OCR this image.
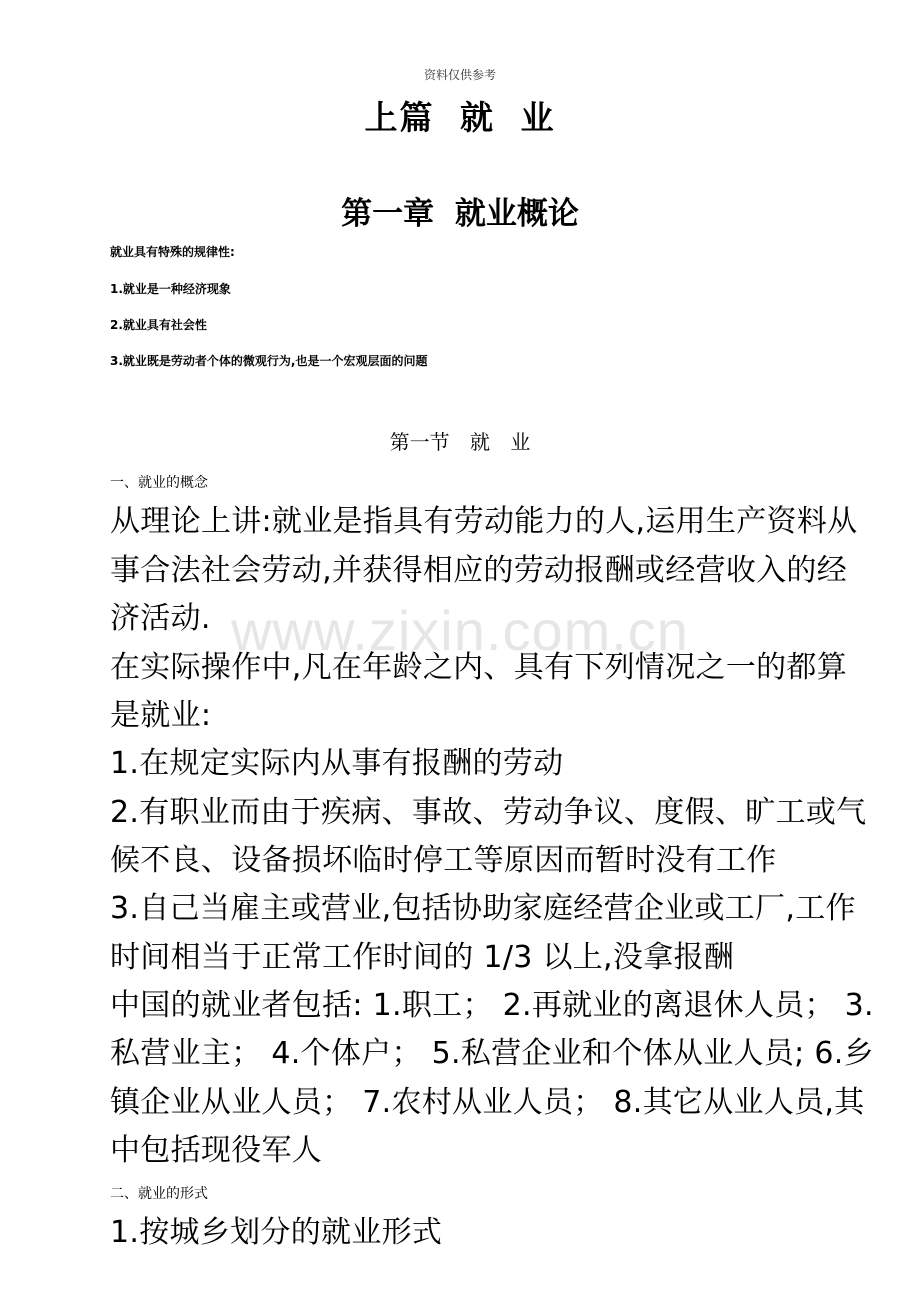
www.zixin.com.cn
资料仅供参考
上篇 就 业
第一章 就业概论
就业具有特殊的规律性:
1.就业是一种经济现象
2.就业具有社会性
3.就业既是劳动者个体的微观行为,也是一个宏观层面的问题
第一节 就 业
一、就业的概念
从理论上讲:就业是指具有劳动能力的人,运用生产资料从
事合法社会劳动,并获得相应的劳动报酬或经营收入的经
济活动.
在实际操作中,凡在年龄之内、具有下列情况之一的都算
是就业:
1.在规定实际内从事有报酬的劳动
2.有职业而由于疾病、事故、劳动争议、度假、旷工或气
候不良、设备损坏临时停工等原因而暂时没有工作
3.自己当雇主或营业,包括协助家庭经营企业或工厂,工作
时间相当于正常工作时间的 1/3 以上,没拿报酬
中国的就业者包括: 1.职工； 2.再就业的离退休人员； 3.
私营业主； 4.个体户； 5.私营企业和个体从业人员; 6.乡
镇企业从业人员； 7.农村从业人员； 8.其它从业人员,其
中包括现役军人
二、就业的形式
1.按城乡划分的就业形式
